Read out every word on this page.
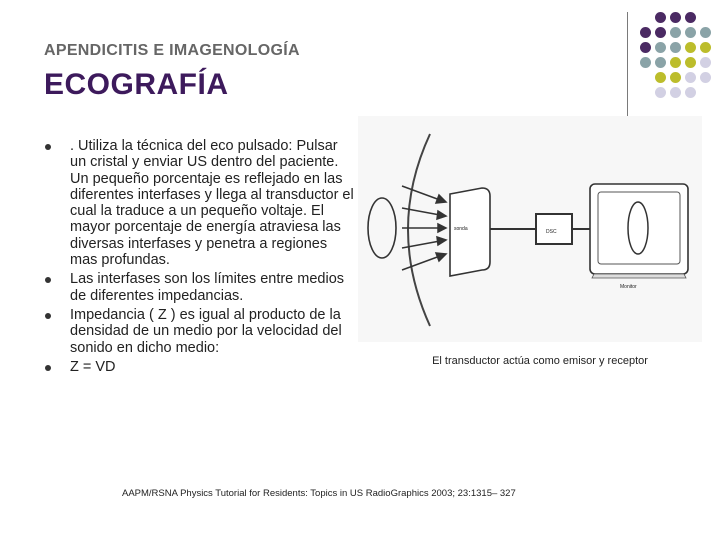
APENDICITIS E IMAGENOLOGÍA
ECOGRAFÍA
. Utiliza la técnica del eco pulsado: Pulsar un cristal y enviar US dentro del paciente. Un pequeño porcentaje es reflejado en las diferentes interfases y llega al transductor el cual la traduce a un pequeño voltaje. El mayor porcentaje de energía atraviesa las diversas interfases y penetra a regiones mas profundas.
Las interfases son los límites entre medios de diferentes impedancias.
Impedancia ( Z ) es igual al producto de la densidad de un medio por la velocidad del sonido en dicho medio:
Z = VD
sonda	DSC
Monitor
El transductor actúa como emisor y receptor
AAPM/RSNA Physics Tutorial for Residents: Topics in US RadioGraphics 2003; 23:1315– 327
